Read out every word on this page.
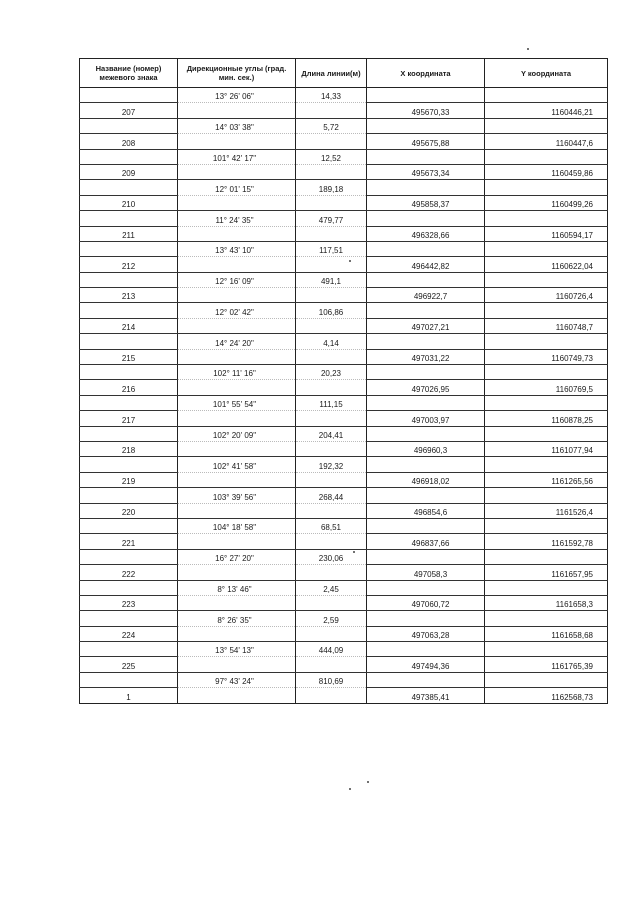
Название (номер) межевого знака	Дирекционные углы (град. мин. сек.)	Длина линии(м)	Х координата	Y координата
	13° 26' 06"	14,33		
207			495670,33	1160446,21
	14° 03' 38"	5,72		
208			495675,88	1160447,6
	101° 42' 17"	12,52		
209			495673,34	1160459,86
	12° 01' 15"	189,18		
210			495858,37	1160499,26
	11° 24' 35"	479,77		
211			496328,66	1160594,17
	13° 43' 10"	117,51		
212			496442,82	1160622,04
	12° 16' 09"	491,1		
213			496922,7	1160726,4
	12° 02' 42"	106,86		
214			497027,21	1160748,7
	14° 24' 20"	4,14		
215			497031,22	1160749,73
	102° 11' 16"	20,23		
216			497026,95	1160769,5
	101° 55' 54"	111,15		
217			497003,97	1160878,25
	102° 20' 09"	204,41		
218			496960,3	1161077,94
	102° 41' 58"	192,32		
219			496918,02	1161265,56
	103° 39' 56"	268,44		
220			496854,6	1161526,4
	104° 18' 58"	68,51		
221			496837,66	1161592,78
	16° 27' 20"	230,06		
222			497058,3	1161657,95
	8° 13' 46"	2,45		
223			497060,72	1161658,3
	8° 26' 35"	2,59		
224			497063,28	1161658,68
	13° 54' 13"	444,09		
225			497494,36	1161765,39
	97° 43' 24"	810,69		
1			497385,41	1162568,73
